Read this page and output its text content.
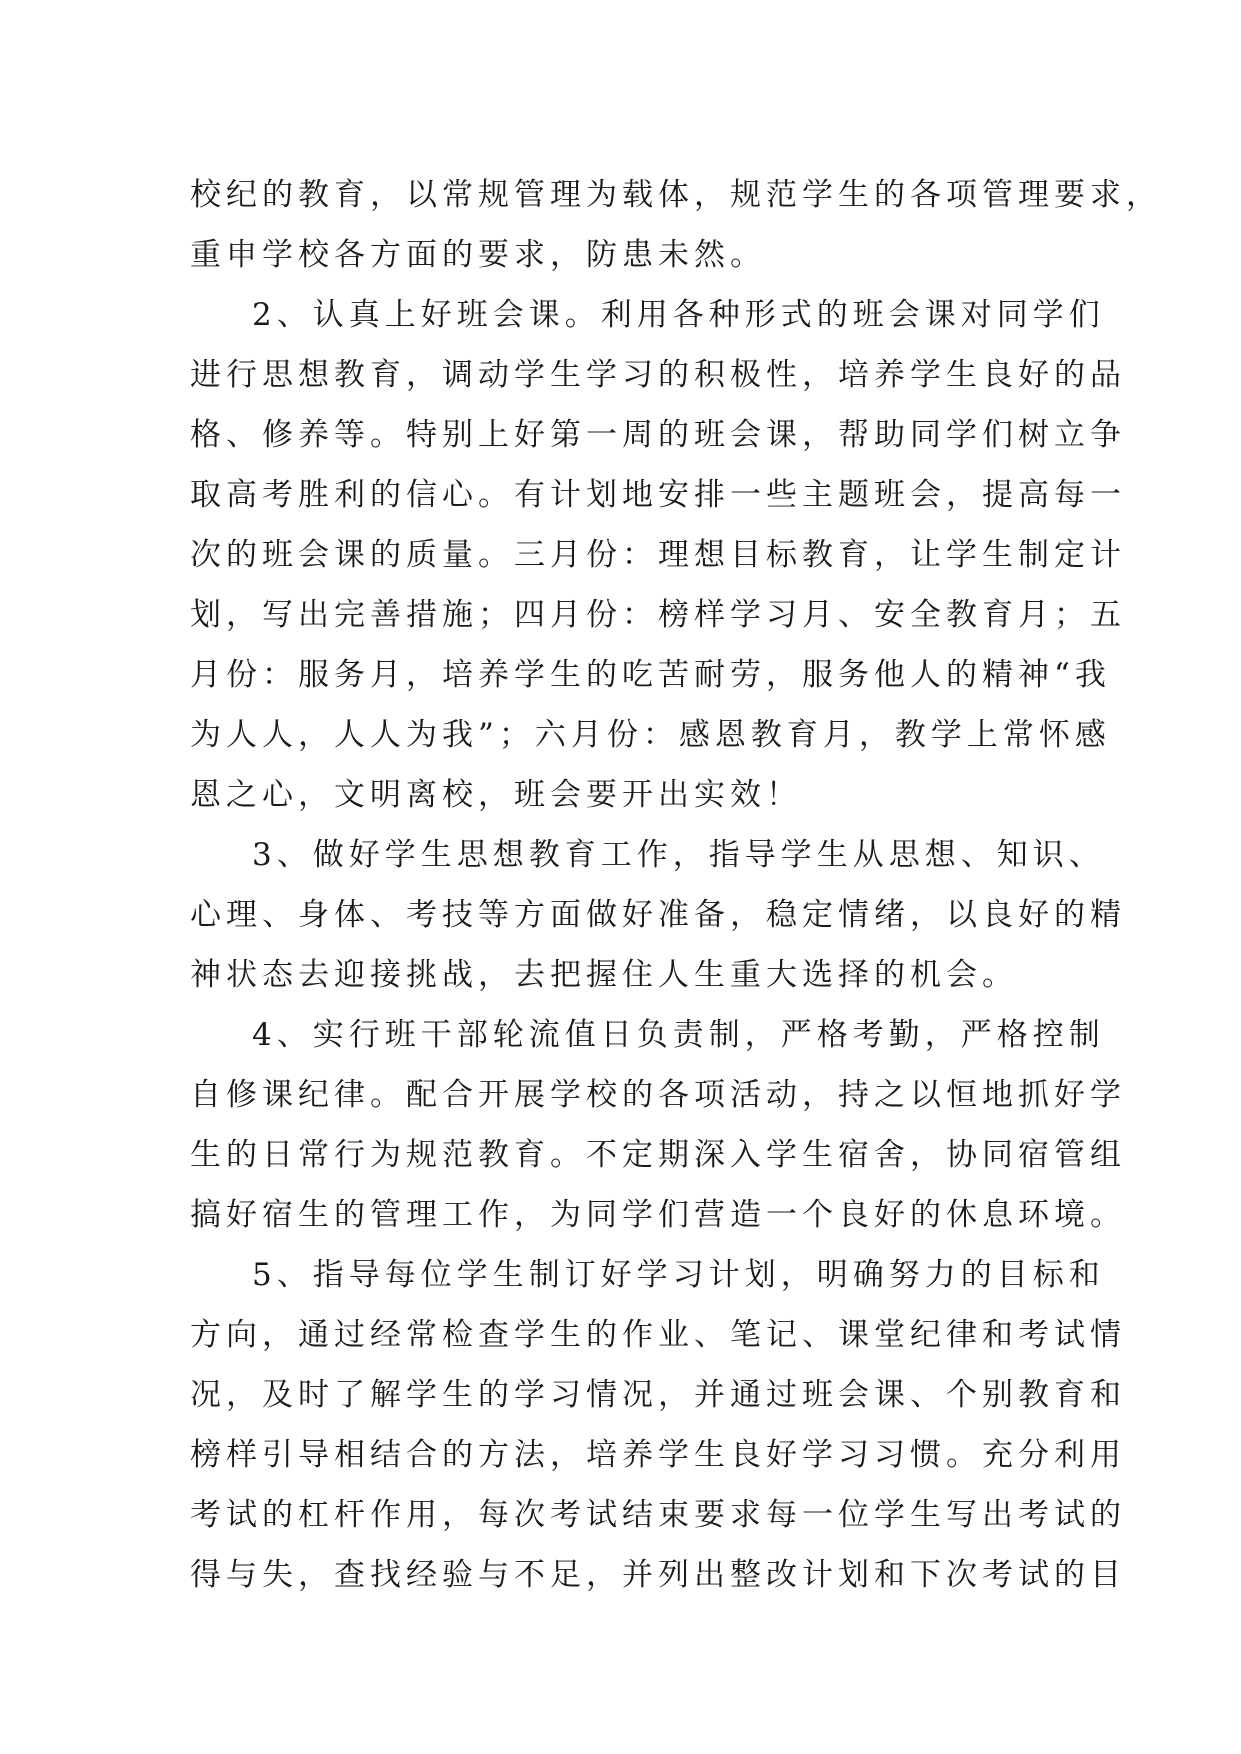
校纪的教育，以常规管理为载体，规范学生的各项管理要求，
重申学校各方面的要求，防患未然。
2、认真上好班会课。利用各种形式的班会课对同学们
进行思想教育，调动学生学习的积极性，培养学生良好的品
格、修养等。特别上好第一周的班会课，帮助同学们树立争
取高考胜利的信心。有计划地安排一些主题班会，提高每一
次的班会课的质量。三月份：理想目标教育，让学生制定计
划，写出完善措施；四月份：榜样学习月、安全教育月；五
月份：服务月，培养学生的吃苦耐劳，服务他人的精神“我
为人人，人人为我”；六月份：感恩教育月，教学上常怀感
恩之心，文明离校，班会要开出实效！
3、做好学生思想教育工作，指导学生从思想、知识、
心理、身体、考技等方面做好准备，稳定情绪，以良好的精
神状态去迎接挑战，去把握住人生重大选择的机会。
4、实行班干部轮流值日负责制，严格考勤，严格控制
自修课纪律。配合开展学校的各项活动，持之以恒地抓好学
生的日常行为规范教育。不定期深入学生宿舍，协同宿管组
搞好宿生的管理工作，为同学们营造一个良好的休息环境。
5、指导每位学生制订好学习计划，明确努力的目标和
方向，通过经常检查学生的作业、笔记、课堂纪律和考试情
况，及时了解学生的学习情况，并通过班会课、个别教育和
榜样引导相结合的方法，培养学生良好学习习惯。充分利用
考试的杠杆作用，每次考试结束要求每一位学生写出考试的
得与失，查找经验与不足，并列出整改计划和下次考试的目
